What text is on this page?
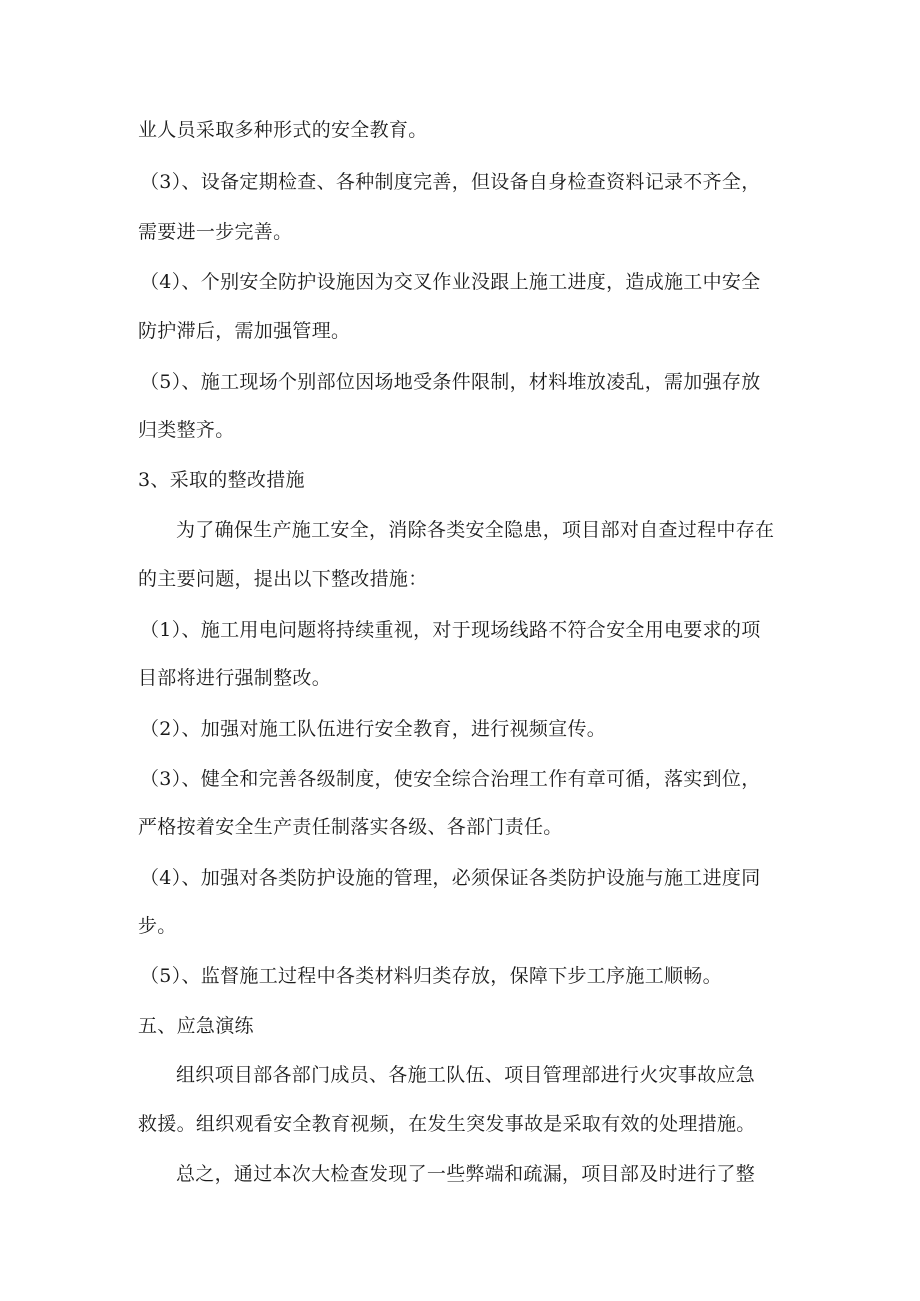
业人员采取多种形式的安全教育。

（3）、设备定期检查、各种制度完善，但设备自身检查资料记录不齐全，

需要进一步完善。

（4）、个别安全防护设施因为交叉作业没跟上施工进度，造成施工中安全

防护滞后，需加强管理。

（5）、施工现场个别部位因场地受条件限制，材料堆放凌乱，需加强存放

归类整齐。

3、采取的整改措施

为了确保生产施工安全，消除各类安全隐患，项目部对自查过程中存在

的主要问题，提出以下整改措施：

（1）、施工用电问题将持续重视，对于现场线路不符合安全用电要求的项

目部将进行强制整改。

（2）、加强对施工队伍进行安全教育，进行视频宣传。

（3）、健全和完善各级制度，使安全综合治理工作有章可循，落实到位，

严格按着安全生产责任制落实各级、各部门责任。

（4）、加强对各类防护设施的管理，必须保证各类防护设施与施工进度同

步。

（5）、监督施工过程中各类材料归类存放，保障下步工序施工顺畅。

五、应急演练

组织项目部各部门成员、各施工队伍、项目管理部进行火灾事故应急

救援。组织观看安全教育视频，在发生突发事故是采取有效的处理措施。

总之，通过本次大检查发现了一些弊端和疏漏，项目部及时进行了整
